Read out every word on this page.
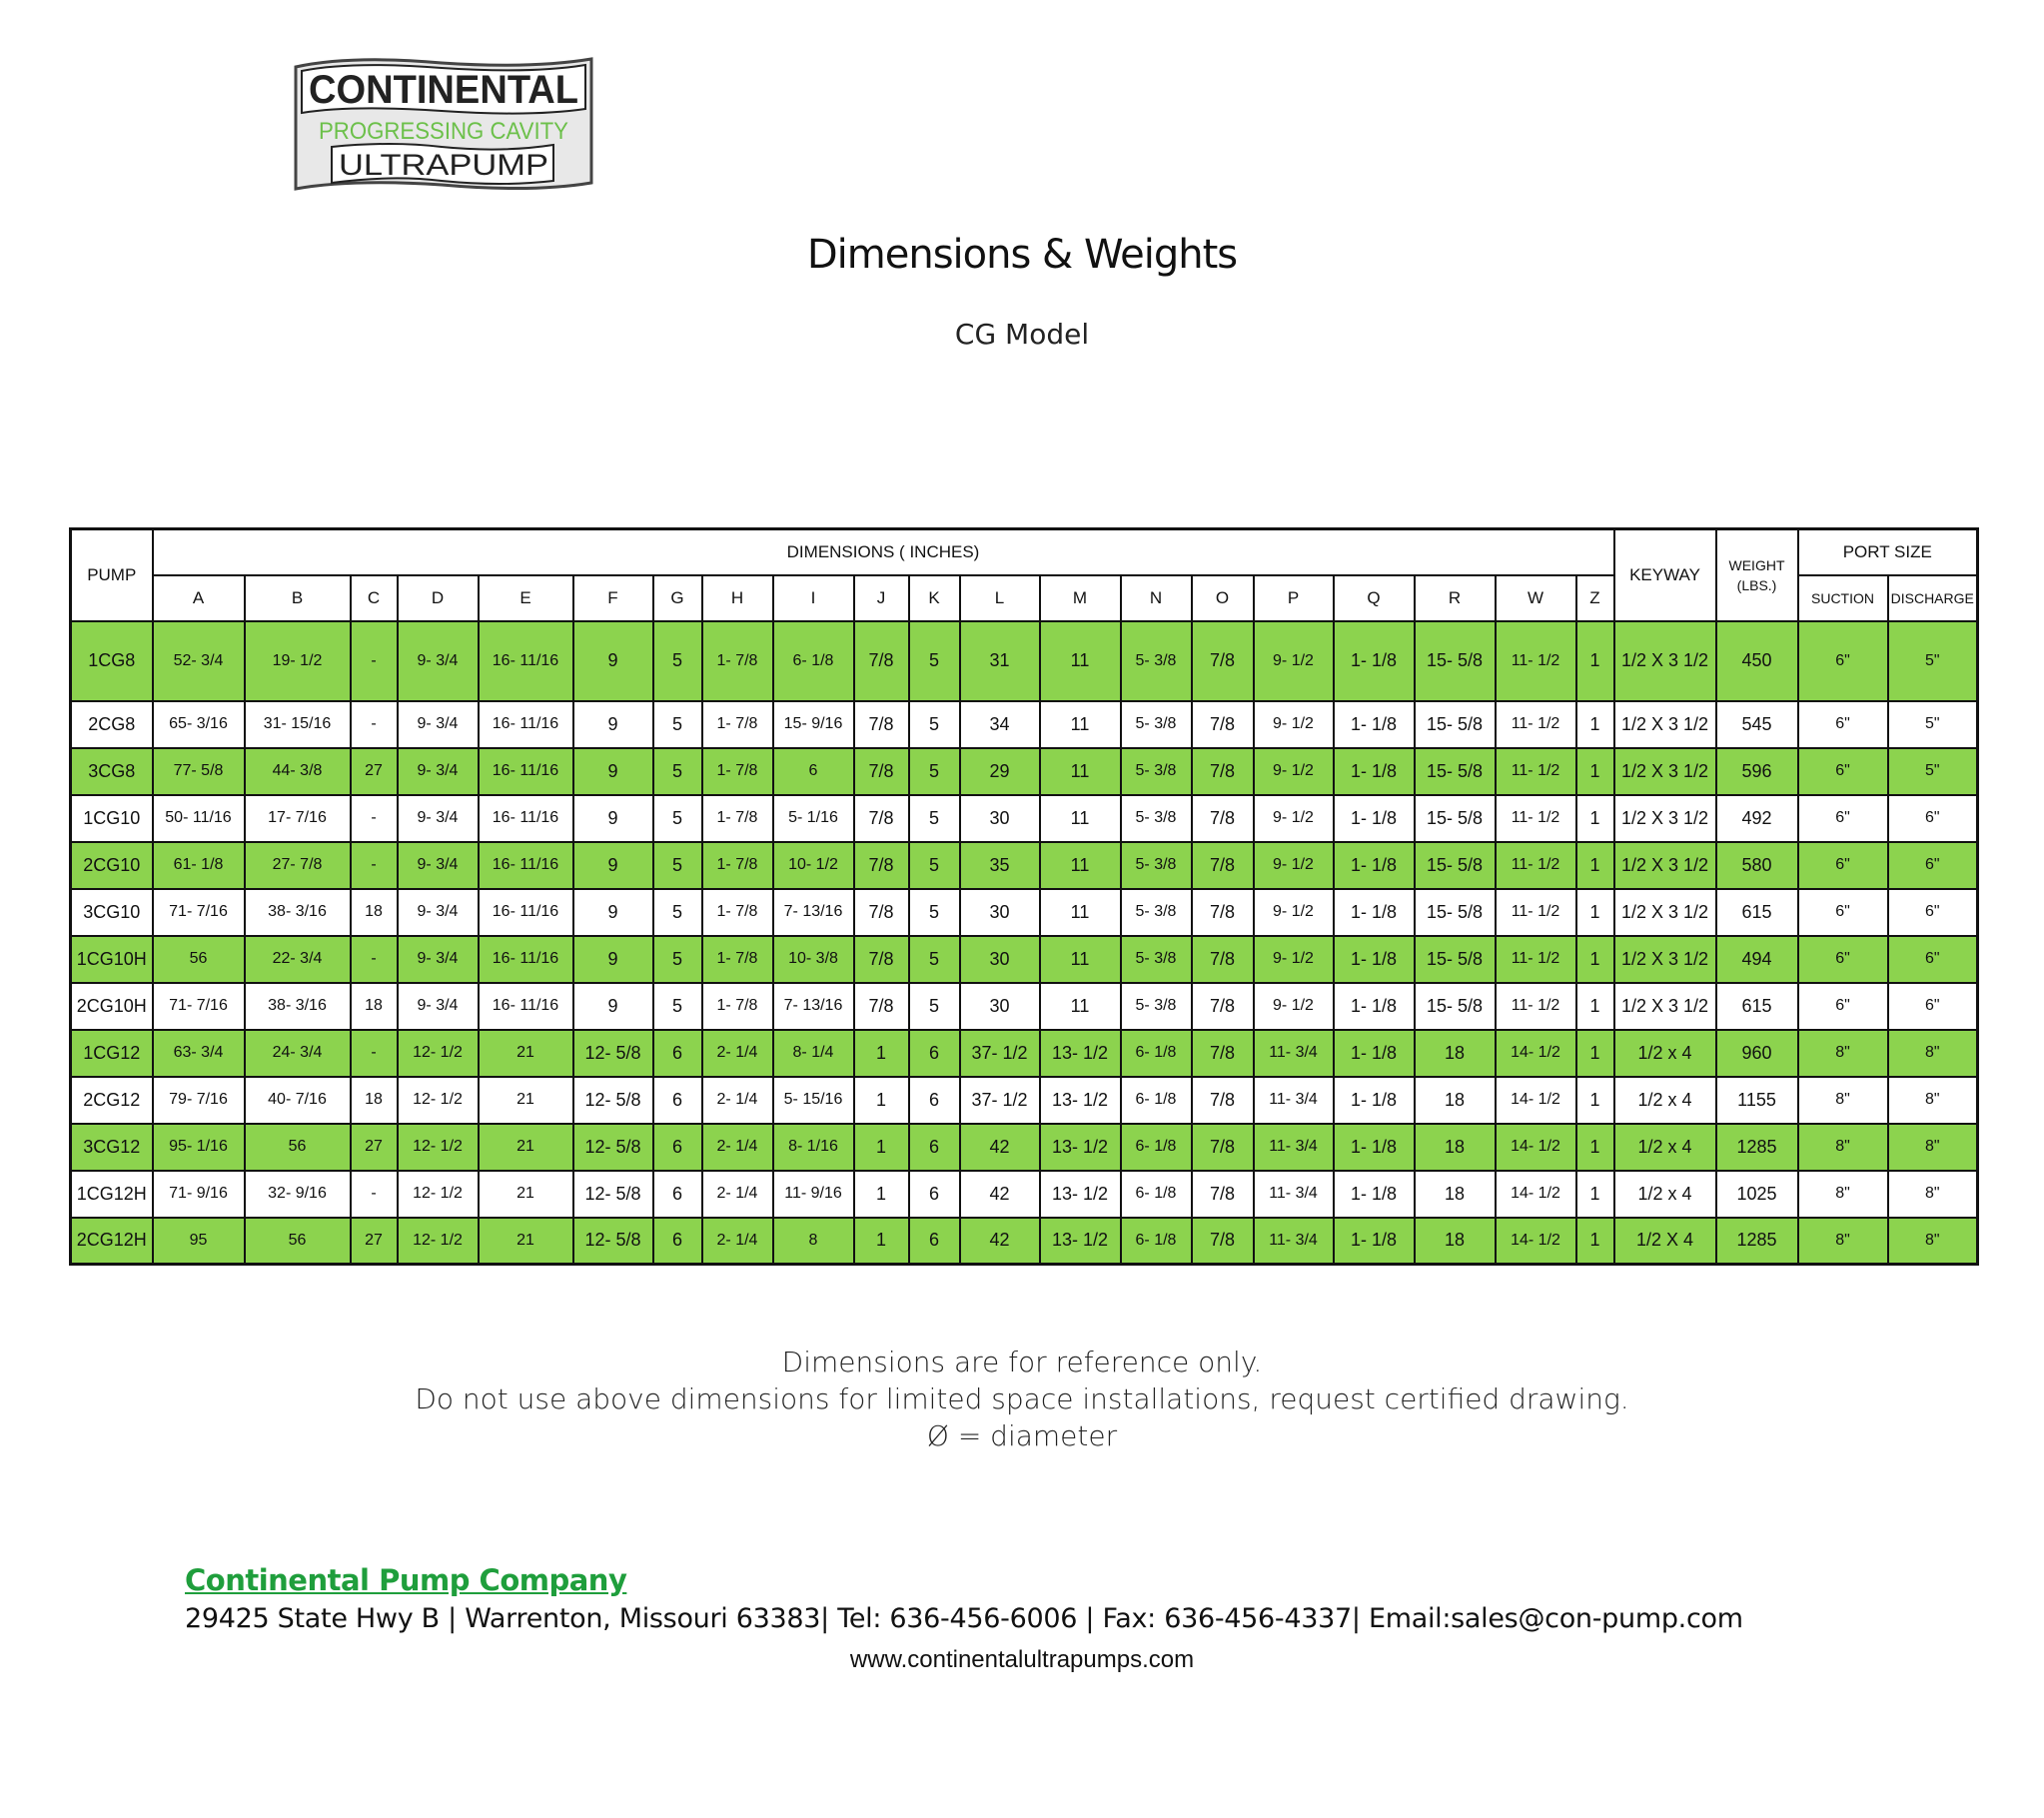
CONTINENTAL
PROGRESSING CAVITY
ULTRAPUMP
Dimensions & Weights
CG Model
PUMP	DIMENSIONS ( INCHES)																				KEYWAY	WEIGHT (LBS.)	PORT SIZE	
	A	B	C	D	E	F	G	H	I	J	K	L	M	N	O	P	Q	R	W	Z			SUCTION	DISCHARGE
1CG8	52- 3/4	19- 1/2	-	9- 3/4	16- 11/16	9	5	1- 7/8	6- 1/8	7/8	5	31	11	5- 3/8	7/8	9- 1/2	1- 1/8	15- 5/8	11- 1/2	1	1/2 X 3 1/2	450	6"	5"
2CG8	65- 3/16	31- 15/16	-	9- 3/4	16- 11/16	9	5	1- 7/8	15- 9/16	7/8	5	34	11	5- 3/8	7/8	9- 1/2	1- 1/8	15- 5/8	11- 1/2	1	1/2 X 3 1/2	545	6"	5"
3CG8	77- 5/8	44- 3/8	27	9- 3/4	16- 11/16	9	5	1- 7/8	6	7/8	5	29	11	5- 3/8	7/8	9- 1/2	1- 1/8	15- 5/8	11- 1/2	1	1/2 X 3 1/2	596	6"	5"
1CG10	50- 11/16	17- 7/16	-	9- 3/4	16- 11/16	9	5	1- 7/8	5- 1/16	7/8	5	30	11	5- 3/8	7/8	9- 1/2	1- 1/8	15- 5/8	11- 1/2	1	1/2 X 3 1/2	492	6"	6"
2CG10	61- 1/8	27- 7/8	-	9- 3/4	16- 11/16	9	5	1- 7/8	10- 1/2	7/8	5	35	11	5- 3/8	7/8	9- 1/2	1- 1/8	15- 5/8	11- 1/2	1	1/2 X 3 1/2	580	6"	6"
3CG10	71- 7/16	38- 3/16	18	9- 3/4	16- 11/16	9	5	1- 7/8	7- 13/16	7/8	5	30	11	5- 3/8	7/8	9- 1/2	1- 1/8	15- 5/8	11- 1/2	1	1/2 X 3 1/2	615	6"	6"
1CG10H	56	22- 3/4	-	9- 3/4	16- 11/16	9	5	1- 7/8	10- 3/8	7/8	5	30	11	5- 3/8	7/8	9- 1/2	1- 1/8	15- 5/8	11- 1/2	1	1/2 X 3 1/2	494	6"	6"
2CG10H	71- 7/16	38- 3/16	18	9- 3/4	16- 11/16	9	5	1- 7/8	7- 13/16	7/8	5	30	11	5- 3/8	7/8	9- 1/2	1- 1/8	15- 5/8	11- 1/2	1	1/2 X 3 1/2	615	6"	6"
1CG12	63- 3/4	24- 3/4	-	12- 1/2	21	12- 5/8	6	2- 1/4	8- 1/4	1	6	37- 1/2	13- 1/2	6- 1/8	7/8	11- 3/4	1- 1/8	18	14- 1/2	1	1/2 x 4	960	8"	8"
2CG12	79- 7/16	40- 7/16	18	12- 1/2	21	12- 5/8	6	2- 1/4	5- 15/16	1	6	37- 1/2	13- 1/2	6- 1/8	7/8	11- 3/4	1- 1/8	18	14- 1/2	1	1/2 x 4	1155	8"	8"
3CG12	95- 1/16	56	27	12- 1/2	21	12- 5/8	6	2- 1/4	8- 1/16	1	6	42	13- 1/2	6- 1/8	7/8	11- 3/4	1- 1/8	18	14- 1/2	1	1/2 x 4	1285	8"	8"
1CG12H	71- 9/16	32- 9/16	-	12- 1/2	21	12- 5/8	6	2- 1/4	11- 9/16	1	6	42	13- 1/2	6- 1/8	7/8	11- 3/4	1- 1/8	18	14- 1/2	1	1/2 x 4	1025	8"	8"
2CG12H	95	56	27	12- 1/2	21	12- 5/8	6	2- 1/4	8	1	6	42	13- 1/2	6- 1/8	7/8	11- 3/4	1- 1/8	18	14- 1/2	1	1/2 X 4	1285	8"	8"
Dimensions are for reference only.
Do not use above dimensions for limited space installations, request certified drawing.
Ø = diameter
Continental Pump Company
29425 State Hwy B | Warrenton, Missouri 63383| Tel: 636-456-6006 | Fax: 636-456-4337| Email:sales@con-pump.com
www.continentalultrapumps.com
